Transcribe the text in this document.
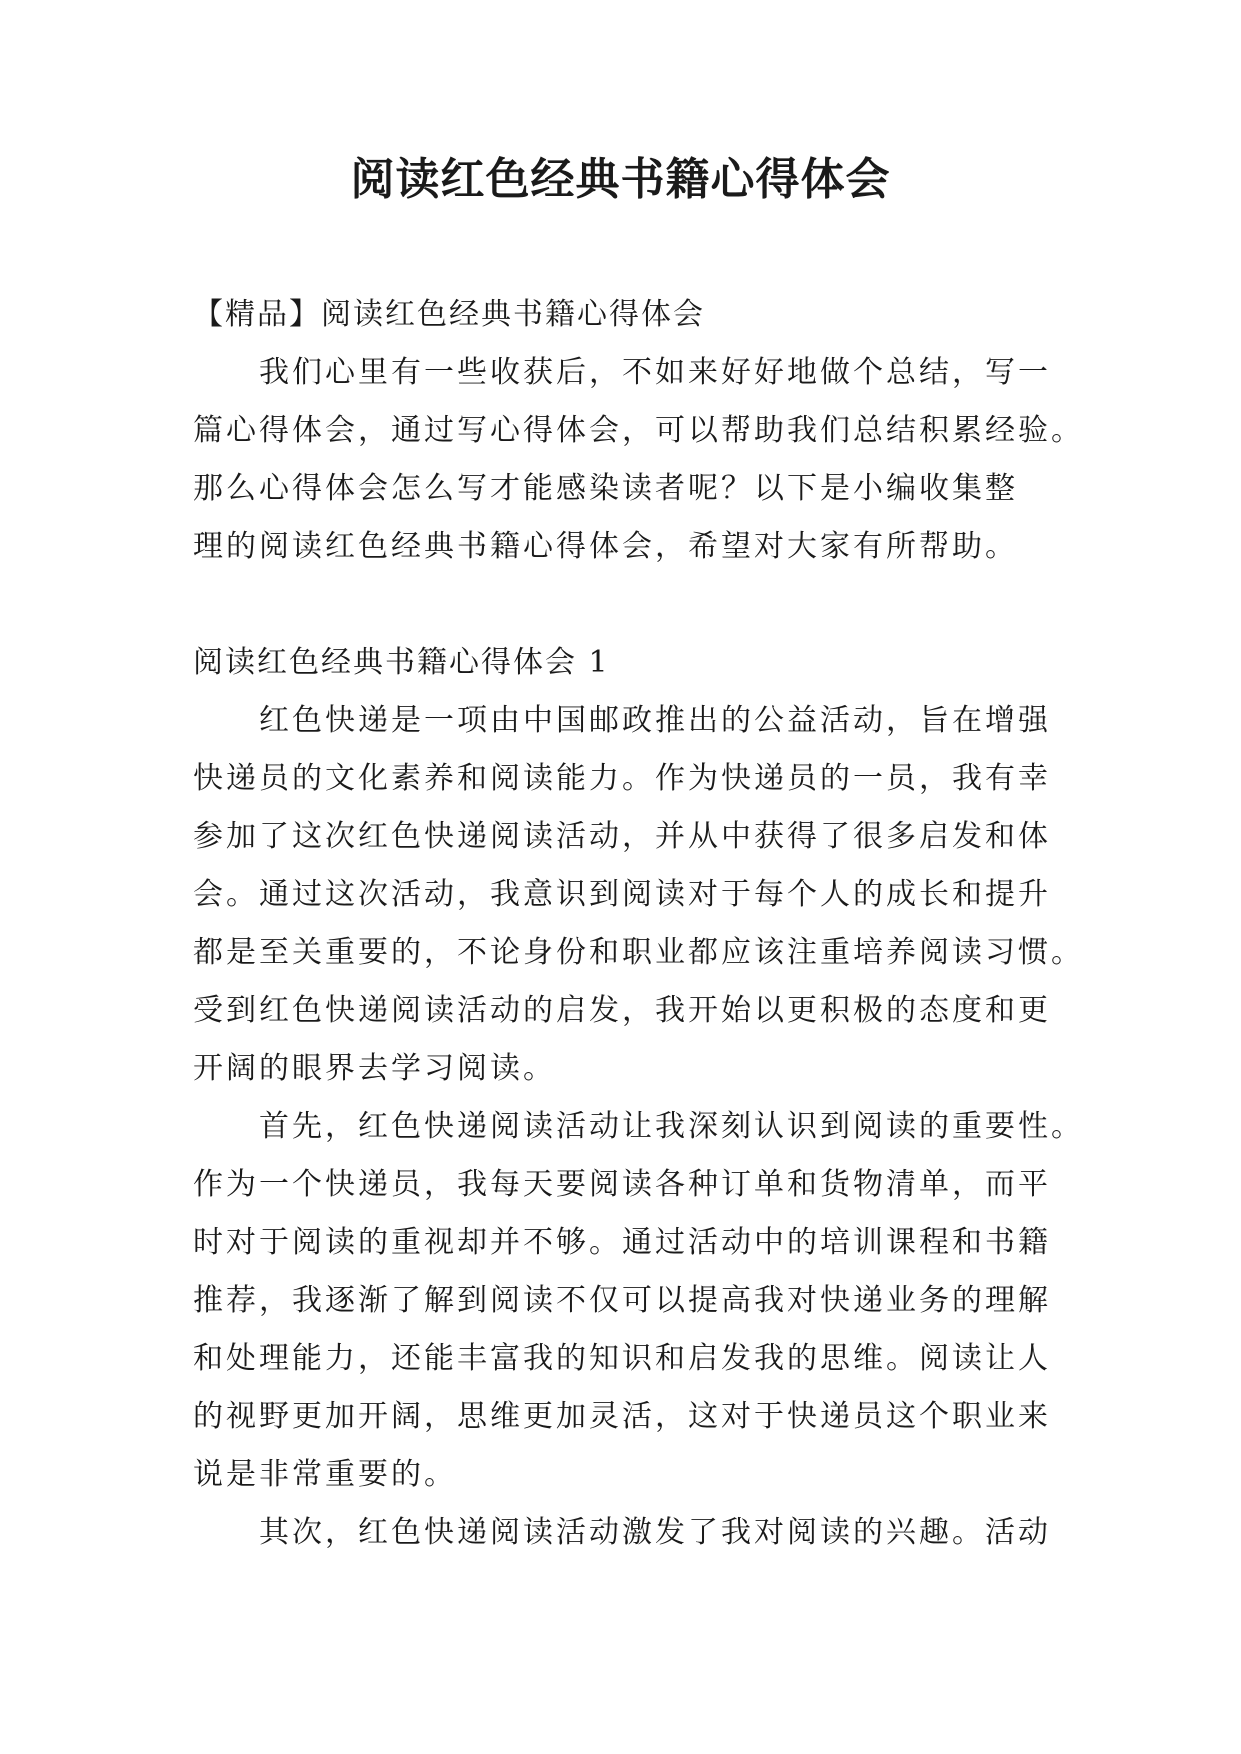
阅读红色经典书籍心得体会

【精品】阅读红色经典书籍心得体会

我们心里有一些收获后，不如来好好地做个总结，写一

篇心得体会，通过写心得体会，可以帮助我们总结积累经验。

那么心得体会怎么写才能感染读者呢？以下是小编收集整

理的阅读红色经典书籍心得体会，希望对大家有所帮助。

阅读红色经典书籍心得体会 1

红色快递是一项由中国邮政推出的公益活动，旨在增强

快递员的文化素养和阅读能力。作为快递员的一员，我有幸

参加了这次红色快递阅读活动，并从中获得了很多启发和体

会。通过这次活动，我意识到阅读对于每个人的成长和提升

都是至关重要的，不论身份和职业都应该注重培养阅读习惯。

受到红色快递阅读活动的启发，我开始以更积极的态度和更

开阔的眼界去学习阅读。

首先，红色快递阅读活动让我深刻认识到阅读的重要性。

作为一个快递员，我每天要阅读各种订单和货物清单，而平

时对于阅读的重视却并不够。通过活动中的培训课程和书籍

推荐，我逐渐了解到阅读不仅可以提高我对快递业务的理解

和处理能力，还能丰富我的知识和启发我的思维。阅读让人

的视野更加开阔，思维更加灵活，这对于快递员这个职业来

说是非常重要的。

其次，红色快递阅读活动激发了我对阅读的兴趣。活动
